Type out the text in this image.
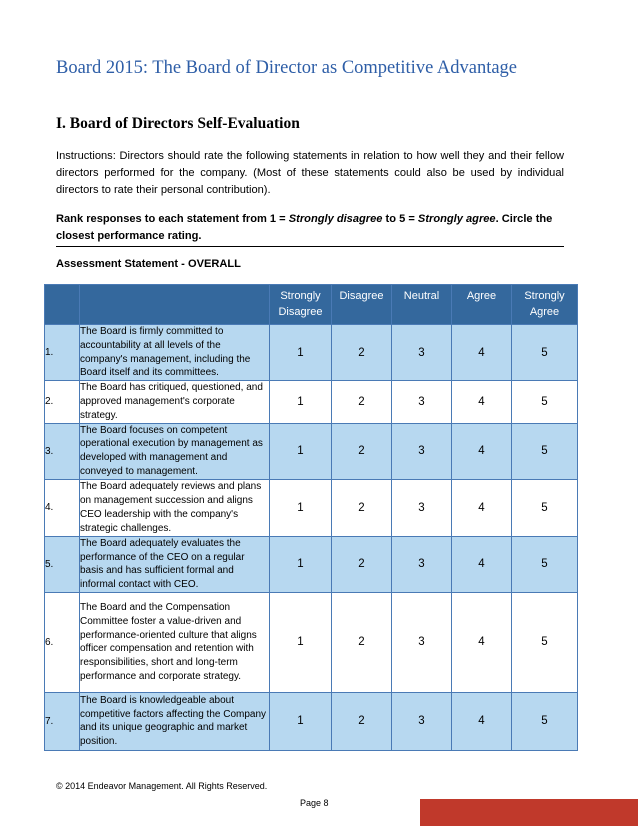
Board 2015: The Board of Director as Competitive Advantage
I. Board of Directors Self-Evaluation
Instructions: Directors should rate the following statements in relation to how well they and their fellow directors performed for the company. (Most of these statements could also be used by individual directors to rate their personal contribution).
Rank responses to each statement from 1 = Strongly disagree to 5 = Strongly agree. Circle the closest performance rating.
Assessment Statement - OVERALL
		Strongly Disagree	Disagree	Neutral	Agree	Strongly Agree
1.	The Board is firmly committed to accountability at all levels of the company's management, including the Board itself and its committees.	1	2	3	4	5
2.	The Board has critiqued, questioned, and approved management's corporate strategy.	1	2	3	4	5
3.	The Board focuses on competent operational execution by management as developed with management and conveyed to management.	1	2	3	4	5
4.	The Board adequately reviews and plans on management succession and aligns CEO leadership with the company's strategic challenges.	1	2	3	4	5
5.	The Board adequately evaluates the performance of the CEO on a regular basis and has sufficient formal and informal contact with CEO.	1	2	3	4	5
6.	The Board and the Compensation Committee foster a value-driven and performance-oriented culture that aligns officer compensation and retention with responsibilities, short and long-term performance and corporate strategy.	1	2	3	4	5
7.	The Board is knowledgeable about competitive factors affecting the Company and its unique geographic and market position.	1	2	3	4	5
© 2014 Endeavor Management. All Rights Reserved.
Page 8
